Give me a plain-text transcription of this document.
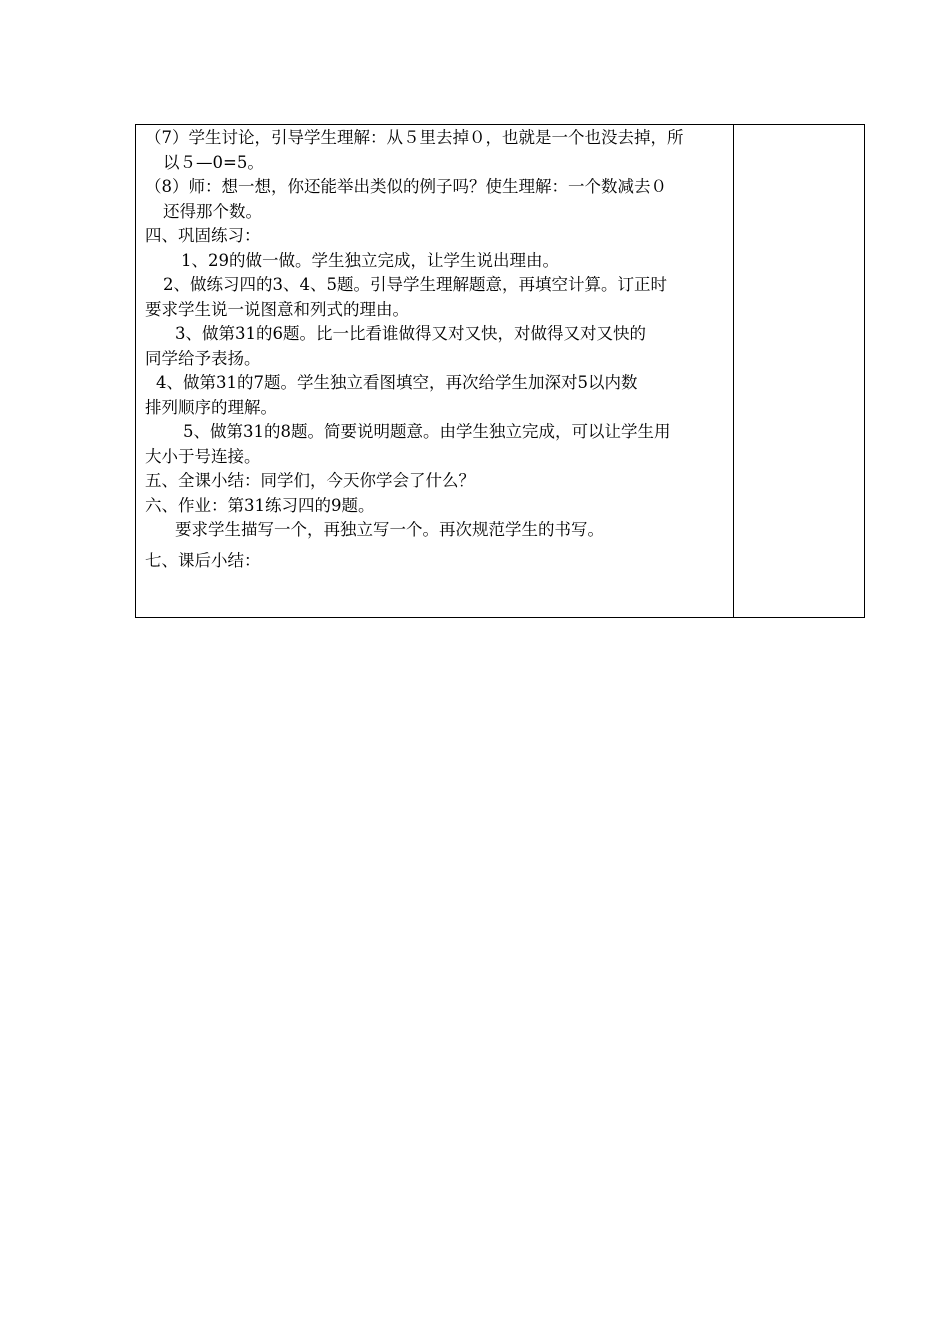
（7）学生讨论，引导学生理解：从５里去掉０，也就是一个也没去掉，所
以５—0=5。
（8）师：想一想，你还能举出类似的例子吗？使生理解：一个数减去０
还得那个数。
四、巩固练习：
1、29的做一做。学生独立完成，让学生说出理由。
2、做练习四的3、4、5题。引导学生理解题意，再填空计算。订正时
要求学生说一说图意和列式的理由。
3、做第31的6题。比一比看谁做得又对又快，对做得又对又快的
同学给予表扬。
4、做第31的7题。学生独立看图填空，再次给学生加深对5以内数
排列顺序的理解。
5、做第31的8题。简要说明题意。由学生独立完成，可以让学生用
大小于号连接。
五、全课小结：同学们，今天你学会了什么？
六、作业：第31练习四的9题。
要求学生描写一个，再独立写一个。再次规范学生的书写。
七、课后小结：
